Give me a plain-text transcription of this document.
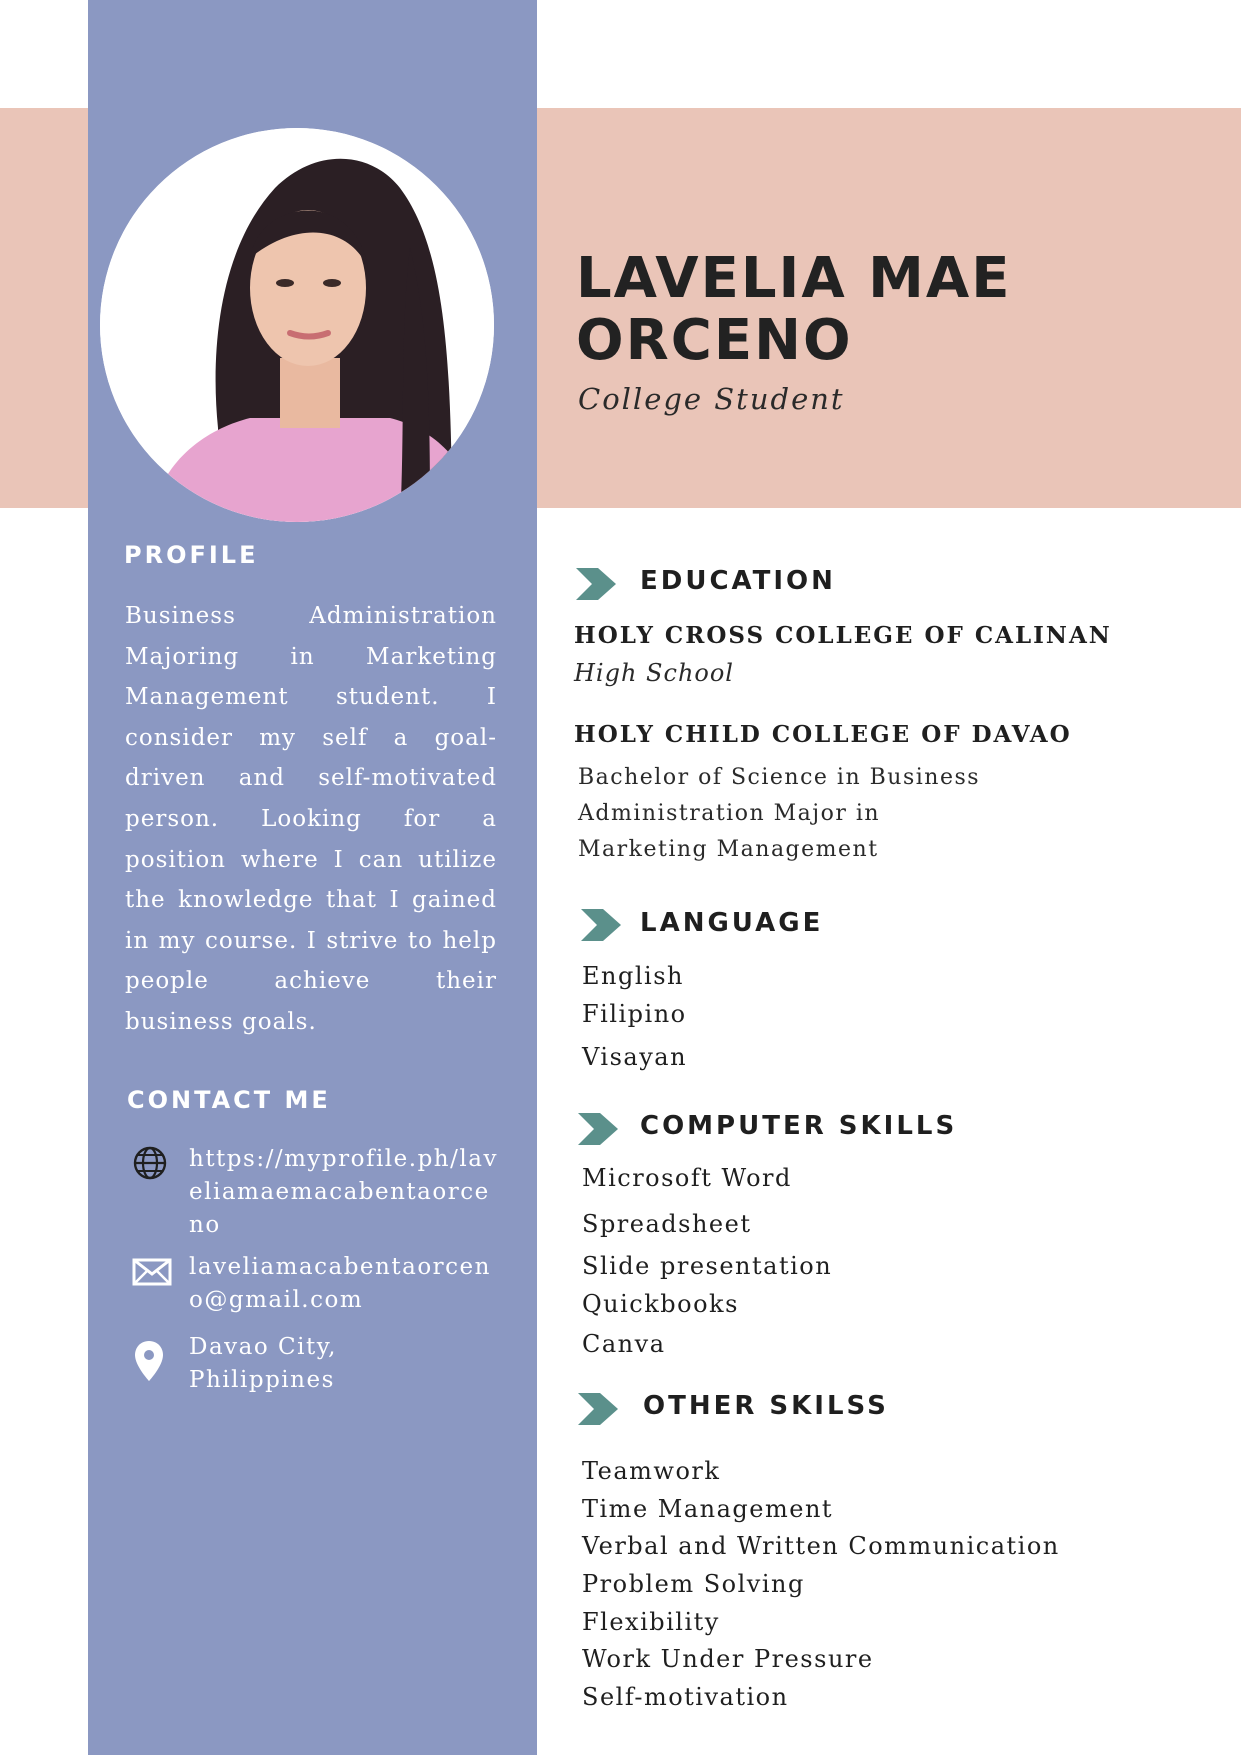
LAVELIA MAE
ORCENO
College Student
PROFILE
Business Administration Majoring in Marketing Management student. I consider my self a goal-driven and self-motivated person. Looking for a position where I can utilize the knowledge that I gained in my course. I strive to help people achieve their business goals.
CONTACT ME
https://myprofile.ph/laveliamaemacabentaorceno
laveliamacabentaorceno@gmail.com
Davao City, Philippines
EDUCATION
HOLY CROSS COLLEGE OF CALINAN
High School
HOLY CHILD COLLEGE OF DAVAO
Bachelor of Science in Business Administration Major in Marketing Management
LANGUAGE
English
Filipino
Visayan
COMPUTER SKILLS
Microsoft Word
Spreadsheet
Slide presentation
Quickbooks
Canva
OTHER SKILSS
Teamwork
Time Management
Verbal and Written Communication
Problem Solving
Flexibility
Work Under Pressure
Self-motivation
